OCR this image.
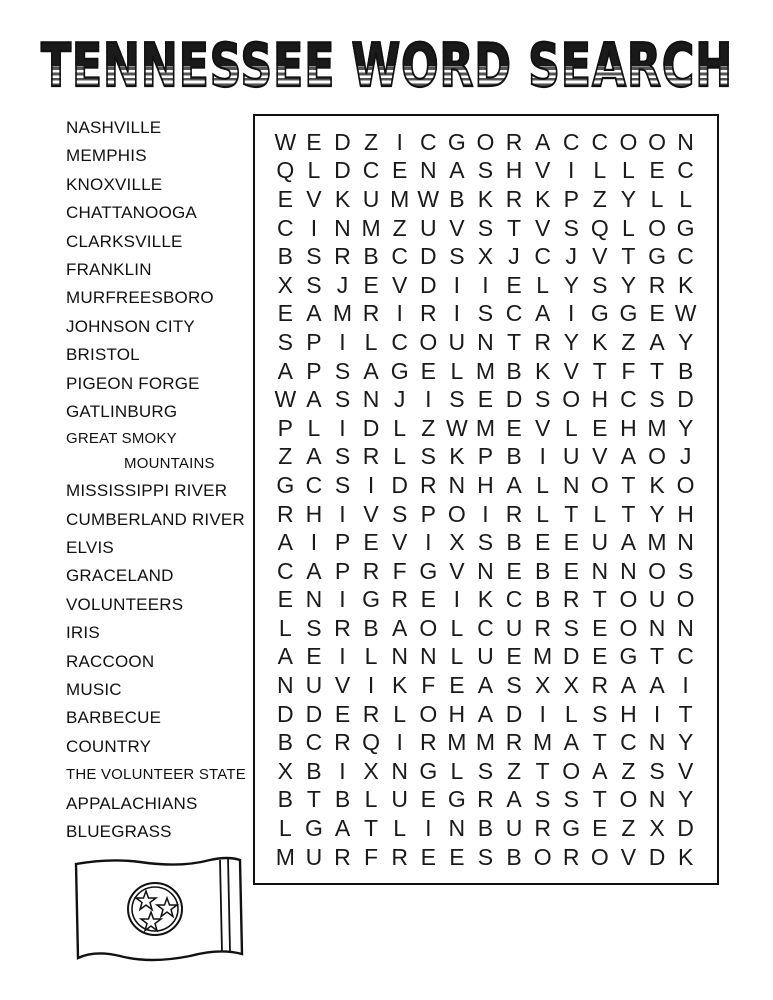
TENNESSEE WORD SEARCH
NASHVILLE
MEMPHIS
KNOXVILLE
CHATTANOOGA
CLARKSVILLE
FRANKLIN
MURFREESBORO
JOHNSON CITY
BRISTOL
PIGEON FORGE
GATLINBURG
GREAT SMOKY
MOUNTAINS
MISSISSIPPI RIVER
CUMBERLAND RIVER
ELVIS
GRACELAND
VOLUNTEERS
IRIS
RACCOON
MUSIC
BARBECUE
COUNTRY
THE VOLUNTEER STATE
APPALACHIANS
BLUEGRASS
W E D Z I C G O R A C C O O N
Q L D C E N A S H V I L L E C
E V K U M W B K R K P Z Y L L
C I N M Z U V S T V S Q L O G
B S R B C D S X J C J V T G C
X S J E V D I I E L Y S Y R K
E A M R I R I S C A I G G E W
S P I L C O U N T R Y K Z A Y
A P S A G E L M B K V T F T B
W A S N J I S E D S O H C S D
P L I D L Z W M E V L E H M Y
Z A S R L S K P B I U V A O J
G C S I D R N H A L N O T K O
R H I V S P O I R L T L T Y H
A I P E V I X S B E E U A M N
C A P R F G V N E B E N N O S
E N I G R E I K C B R T O U O
L S R B A O L C U R S E O N N
A E I L N N L U E M D E G T C
N U V I K F E A S X X R A A I
D D E R L O H A D I L S H I T
B C R Q I R M M R M A T C N Y
X B I X N G L S Z T O A Z S V
B T B L U E G R A S S T O N Y
L G A T L I N B U R G E Z X D
M U R F R E E S B O R O V D K
